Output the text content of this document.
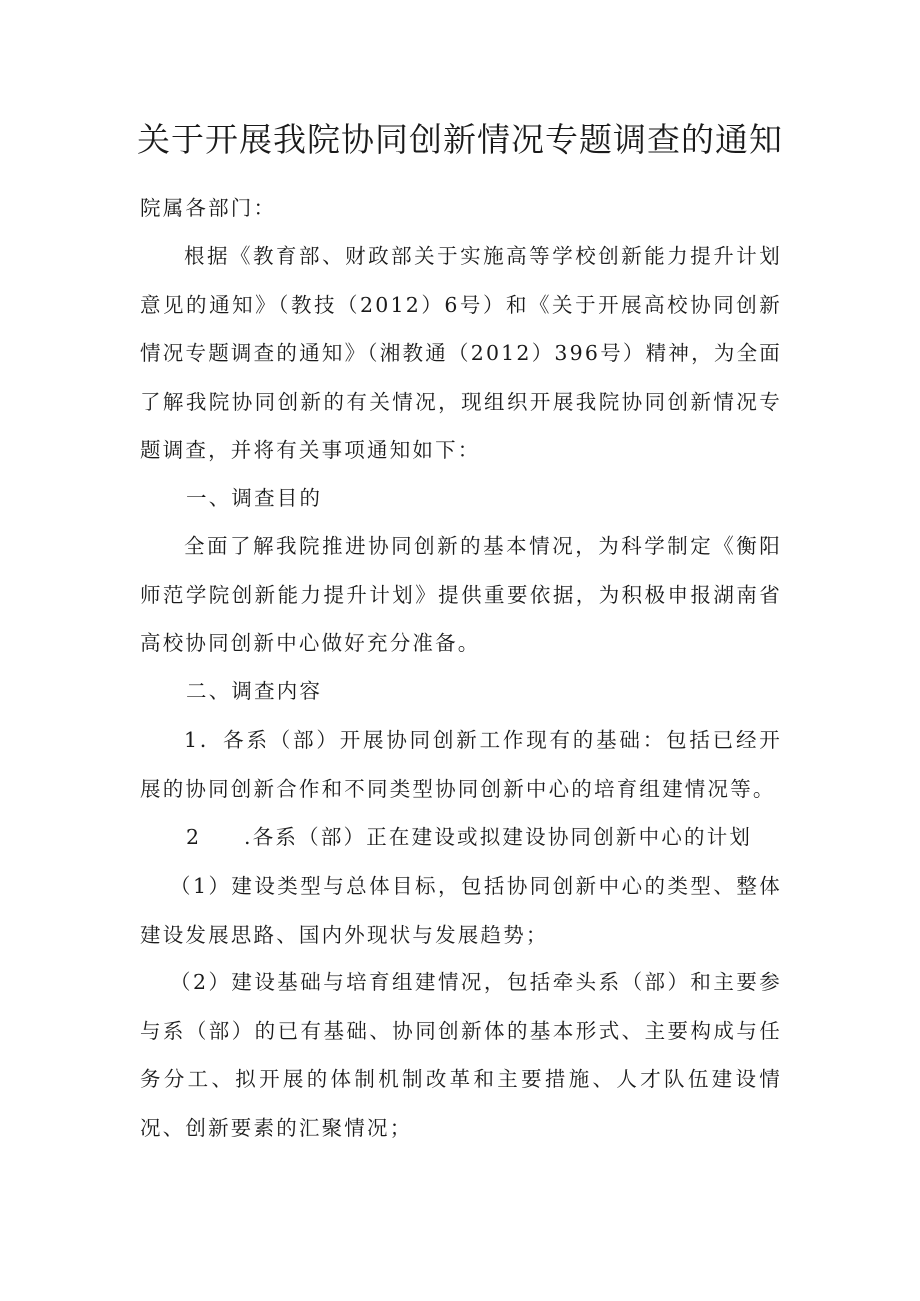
关于开展我院协同创新情况专题调查的通知
院属各部门：
根据《教育部、财政部关于实施高等学校创新能力提升计划意见的通知》（教技（2012）6号）和《关于开展高校协同创新情况专题调查的通知》（湘教通（2012）396号）精神，为全面了解我院协同创新的有关情况，现组织开展我院协同创新情况专题调查，并将有关事项通知如下：
一、调查目的
全面了解我院推进协同创新的基本情况，为科学制定《衡阳师范学院创新能力提升计划》提供重要依据，为积极申报湖南省高校协同创新中心做好充分准备。
二、调查内容
1．各系（部）开展协同创新工作现有的基础：包括已经开展的协同创新合作和不同类型协同创新中心的培育组建情况等。
2 .各系（部）正在建设或拟建设协同创新中心的计划
（1）建设类型与总体目标，包括协同创新中心的类型、整体建设发展思路、国内外现状与发展趋势；
（2）建设基础与培育组建情况，包括牵头系（部）和主要参与系（部）的已有基础、协同创新体的基本形式、主要构成与任务分工、拟开展的体制机制改革和主要措施、人才队伍建设情况、创新要素的汇聚情况；
